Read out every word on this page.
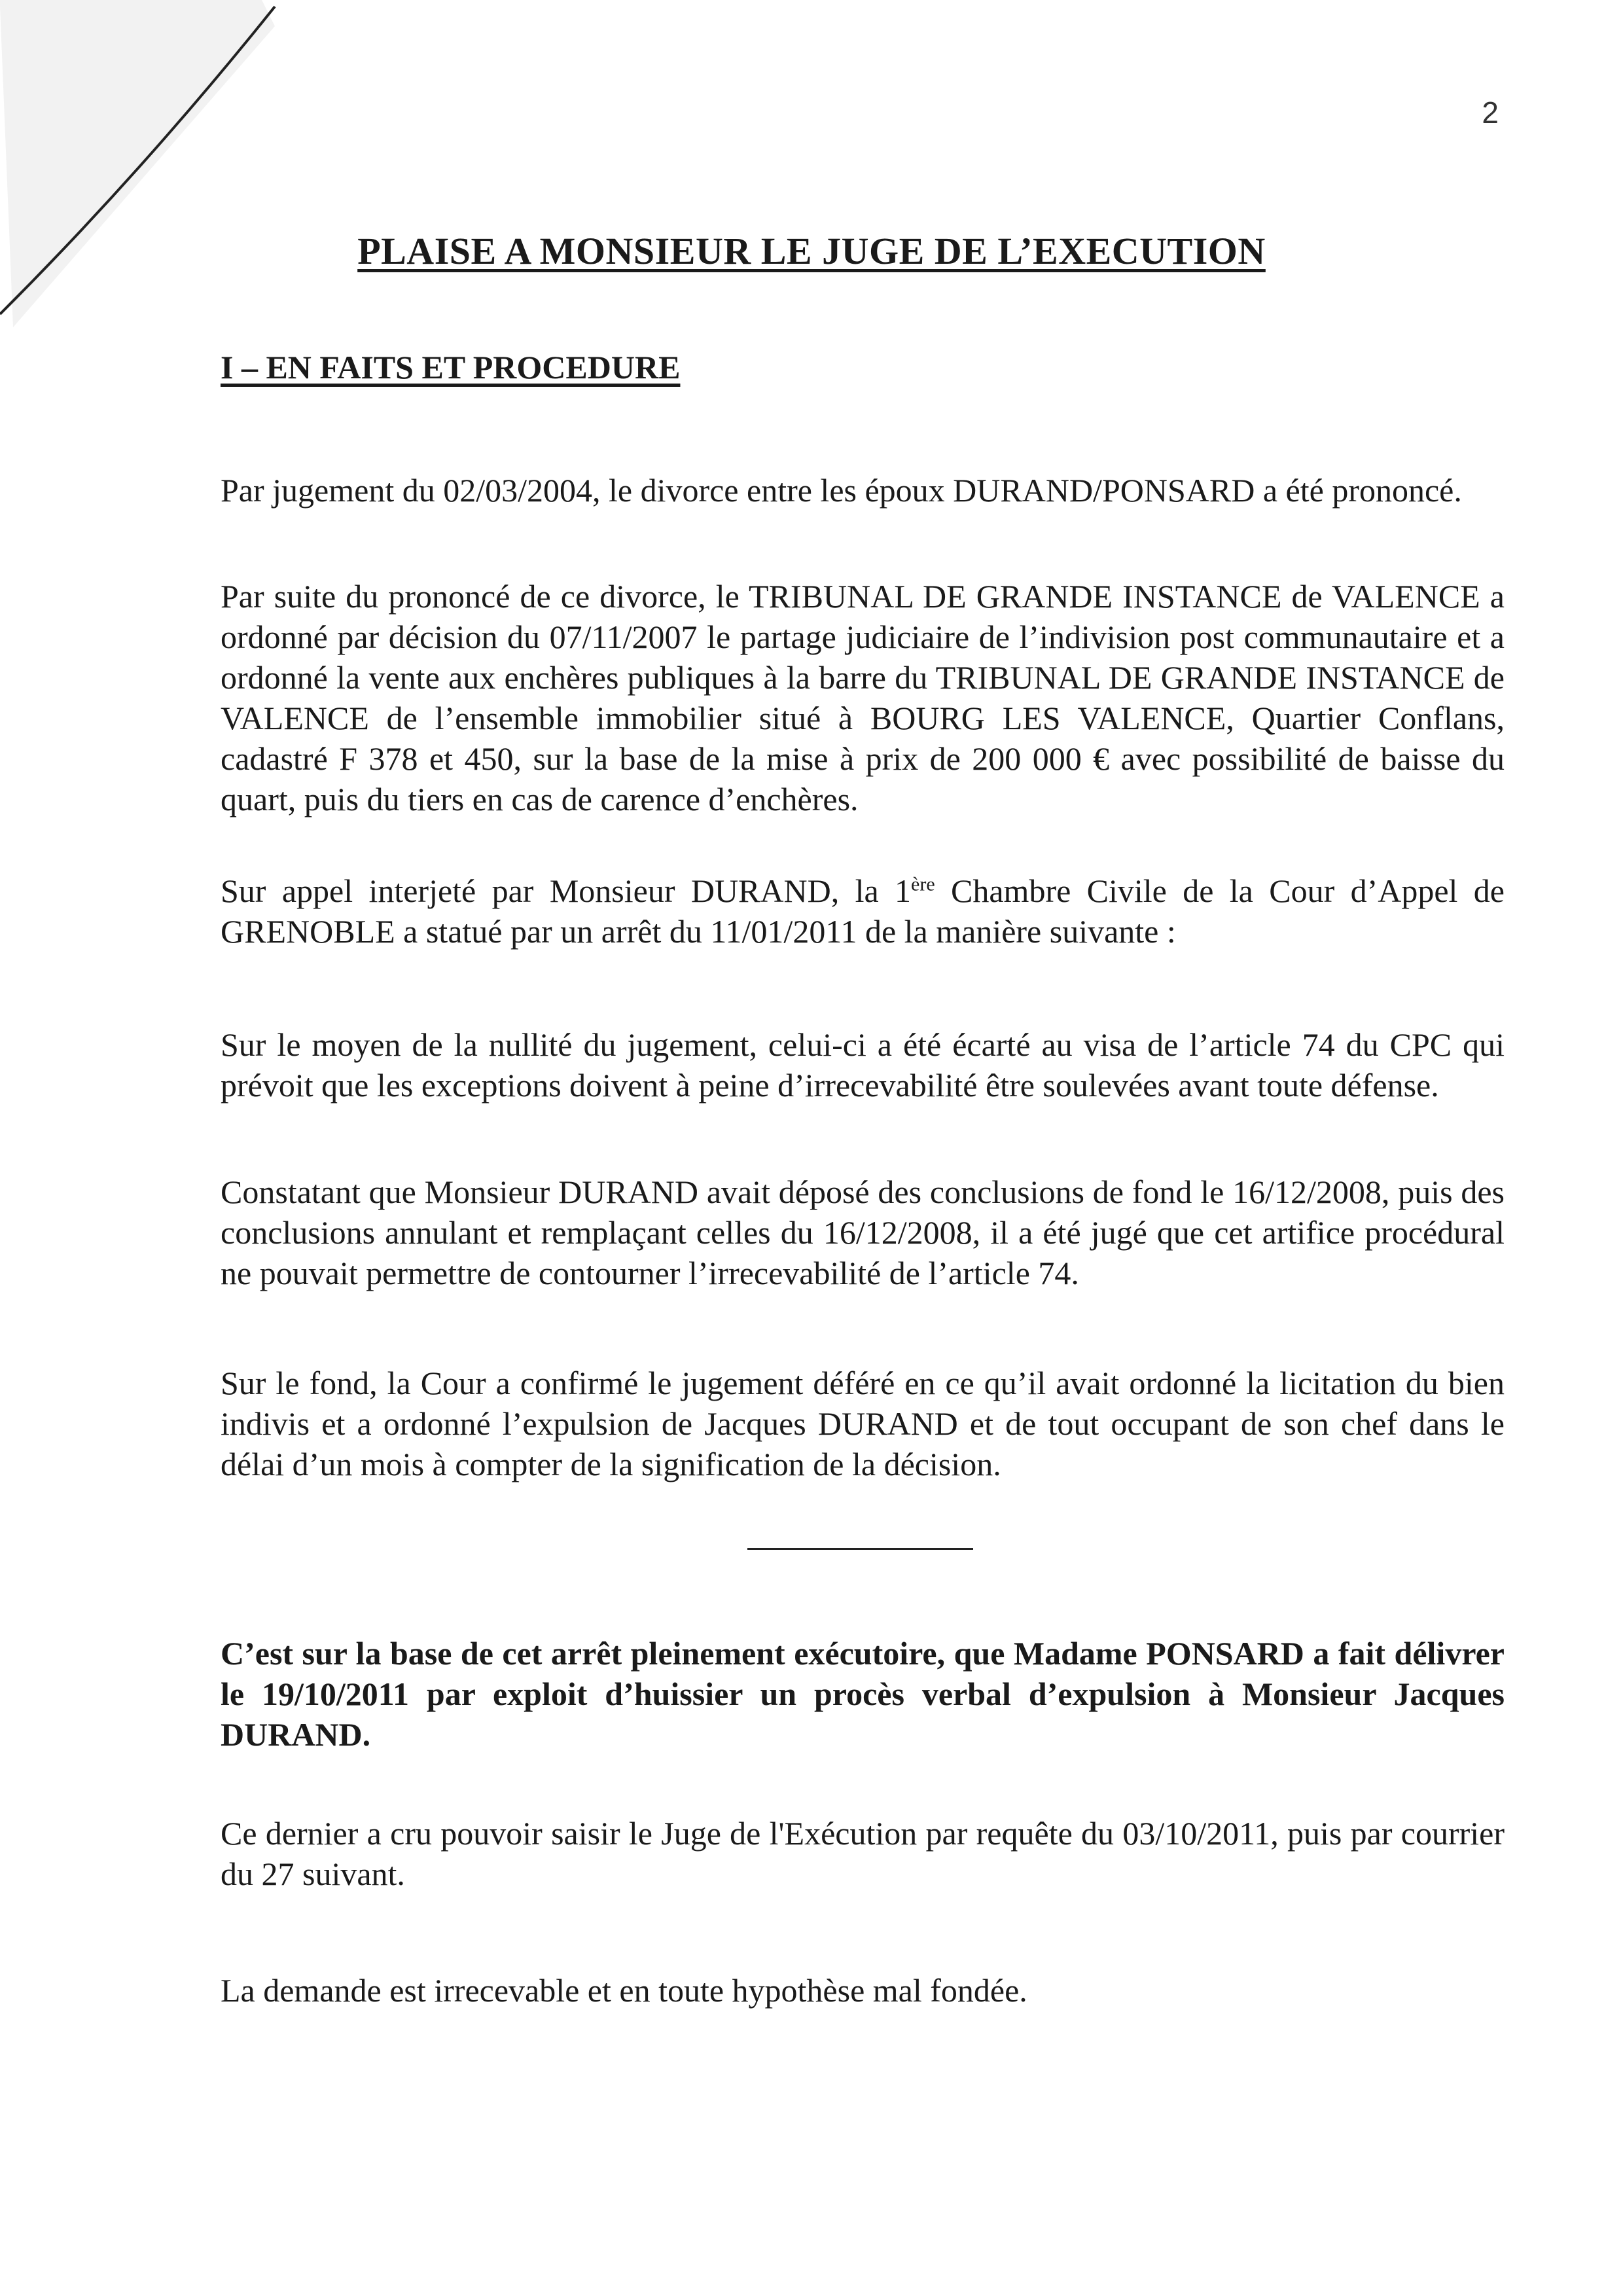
2
PLAISE A MONSIEUR LE JUGE DE L’EXECUTION
I – EN FAITS ET PROCEDURE

Par jugement du 02/03/2004, le divorce entre les époux DURAND/PONSARD a été prononcé.

Par suite du prononcé de ce divorce, le TRIBUNAL DE GRANDE INSTANCE de VALENCE a ordonné par décision du 07/11/2007 le partage judiciaire de l’indivision post communautaire et a ordonné la vente aux enchères publiques à la barre du TRIBUNAL DE GRANDE INSTANCE de VALENCE de l’ensemble immobilier situé à BOURG LES VALENCE, Quartier Conflans, cadastré F 378 et 450, sur la base de la mise à prix de 200 000 € avec possibilité de baisse du quart, puis du tiers en cas de carence d’enchères.

Sur appel interjeté par Monsieur DURAND, la 1ère Chambre Civile de la Cour d’Appel de GRENOBLE a statué par un arrêt du 11/01/2011 de la manière suivante :

Sur le moyen de la nullité du jugement, celui-ci a été écarté au visa de l’article 74 du CPC qui prévoit que les exceptions doivent à peine d’irrecevabilité être soulevées avant toute défense.

Constatant que Monsieur DURAND avait déposé des conclusions de fond le 16/12/2008, puis des conclusions annulant et remplaçant celles du 16/12/2008, il a été jugé que cet artifice procédural ne pouvait permettre de contourner l’irrecevabilité de l’article 74.

Sur le fond, la Cour a confirmé le jugement déféré en ce qu’il avait ordonné la licitation du bien indivis et a ordonné l’expulsion de Jacques DURAND et de tout occupant de son chef dans le délai d’un mois à compter de la signification de la décision.

C’est sur la base de cet arrêt pleinement exécutoire, que Madame PONSARD a fait délivrer le 19/10/2011 par exploit d’huissier un procès verbal d’expulsion à Monsieur Jacques DURAND.

Ce dernier a cru pouvoir saisir le Juge de l'Exécution par requête du 03/10/2011, puis par courrier du 27 suivant.

La demande est irrecevable et en toute hypothèse mal fondée.
